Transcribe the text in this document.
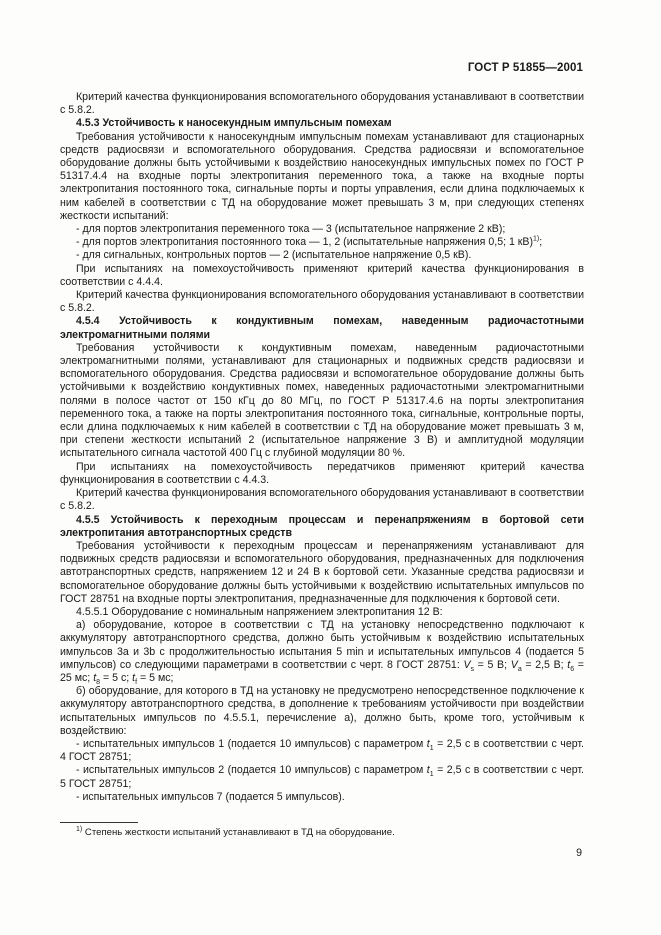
ГОСТ Р 51855—2001

Критерий качества функционирования вспомогательного оборудования устанавливают в соответствии с 5.8.2.

4.5.3 Устойчивость к наносекундным импульсным помехам

Требования устойчивости к наносекундным импульсным помехам устанавливают для стационарных средств радиосвязи и вспомогательного оборудования. Средства радиосвязи и вспомогательное оборудование должны быть устойчивыми к воздействию наносекундных импульсных помех по ГОСТ Р 51317.4.4 на входные порты электропитания переменного тока, а также на входные порты электропитания постоянного тока, сигнальные порты и порты управления, если длина подключаемых к ним кабелей в соответствии с ТД на оборудование может превышать 3 м, при следующих степенях жесткости испытаний:

- для портов электропитания переменного тока — 3 (испытательное напряжение 2 кВ);

- для портов электропитания постоянного тока — 1, 2 (испытательные напряжения 0,5; 1 кВ)$^{1)}$;

- для сигнальных, контрольных портов — 2 (испытательное напряжение 0,5 кВ).

При испытаниях на помехоустойчивость применяют критерий качества функционирования в соответствии с 4.4.4.

Критерий качества функционирования вспомогательного оборудования устанавливают в соответствии с 5.8.2.

4.5.4 Устойчивость к кондуктивным помехам, наведенным радиочастотными электромагнитными полями

Требования устойчивости к кондуктивным помехам, наведенным радиочастотными электромагнитными полями, устанавливают для стационарных и подвижных средств радиосвязи и вспомогательного оборудования. Средства радиосвязи и вспомогательное оборудование должны быть устойчивыми к воздействию кондуктивных помех, наведенных радиочастотными электромагнитными полями в полосе частот от 150 кГц до 80 МГц, по ГОСТ Р 51317.4.6 на порты электропитания переменного тока, а также на порты электропитания постоянного тока, сигнальные, контрольные порты, если длина подключаемых к ним кабелей в соответствии с ТД на оборудование может превышать 3 м, при степени жесткости испытаний 2 (испытательное напряжение 3 В) и амплитудной модуляции испытательного сигнала частотой 400 Гц с глубиной модуляции 80 %.

При испытаниях на помехоустойчивость передатчиков применяют критерий качества функционирования в соответствии с 4.4.3.

Критерий качества функционирования вспомогательного оборудования устанавливают в соответствии с 5.8.2.

4.5.5 Устойчивость к переходным процессам и перенапряжениям в бортовой сети электропитания автотранспортных средств

Требования устойчивости к переходным процессам и перенапряжениям устанавливают для подвижных средств радиосвязи и вспомогательного оборудования, предназначенных для подключения автотранспортных средств, напряжением 12 и 24 В к бортовой сети. Указанные средства радиосвязи и вспомогательное оборудование должны быть устойчивыми к воздействию испытательных импульсов по ГОСТ 28751 на входные порты электропитания, предназначенные для подключения к бортовой сети.

4.5.5.1 Оборудование с номинальным напряжением электропитания 12 В:

а) оборудование, которое в соответствии с ТД на установку непосредственно подключают к аккумулятору автотранспортного средства, должно быть устойчивым к воздействию испытательных импульсов 3а и 3b с продолжительностью испытания 5 min и испытательных импульсов 4 (подается 5 импульсов) со следующими параметрами в соответствии с черт. 8 ГОСТ 28751: $V_s = 5$ В; $V_a = 2,5$ В; $t_6 = 25$ мс; $t_8 = 5$ с; $t_f = 5$ мс;

б) оборудование, для которого в ТД на установку не предусмотрено непосредственное подключение к аккумулятору автотранспортного средства, в дополнение к требованиям устойчивости при воздействии испытательных импульсов по 4.5.5.1, перечисление а), должно быть, кроме того, устойчивым к воздействию:

- испытательных импульсов 1 (подается 10 импульсов) с параметром $t_1 = 2,5$ с в соответствии с черт. 4 ГОСТ 28751;

- испытательных импульсов 2 (подается 10 импульсов) с параметром $t_1 = 2,5$ с в соответствии с черт. 5 ГОСТ 28751;

- испытательных импульсов 7 (подается 5 импульсов).

$^{1)}$ Степень жесткости испытаний устанавливают в ТД на оборудование.
9
